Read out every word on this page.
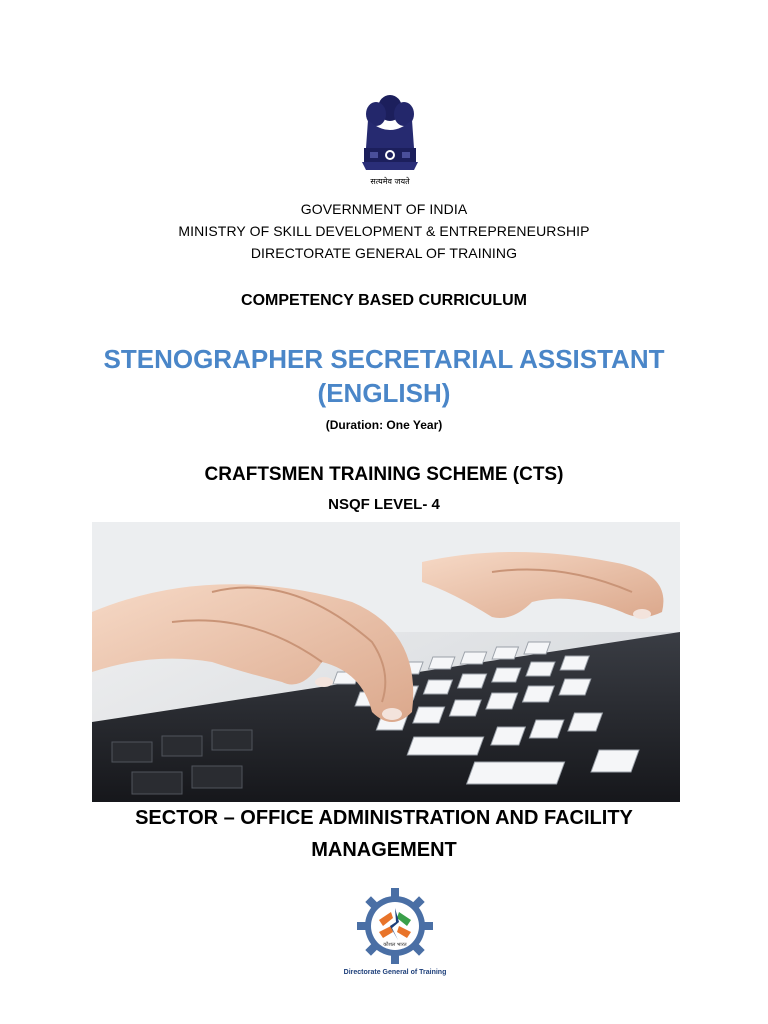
सत्यमेव जयते
GOVERNMENT OF INDIA
MINISTRY OF SKILL DEVELOPMENT & ENTREPRENEURSHIP
DIRECTORATE GENERAL OF TRAINING
COMPETENCY BASED CURRICULUM
STENOGRAPHER SECRETARIAL ASSISTANT
(ENGLISH)
(Duration: One Year)
CRAFTSMEN TRAINING SCHEME (CTS)
NSQF LEVEL- 4
SECTOR – OFFICE ADMINISTRATION AND FACILITY
MANAGEMENT
कौशल भारत
Directorate General of Training
